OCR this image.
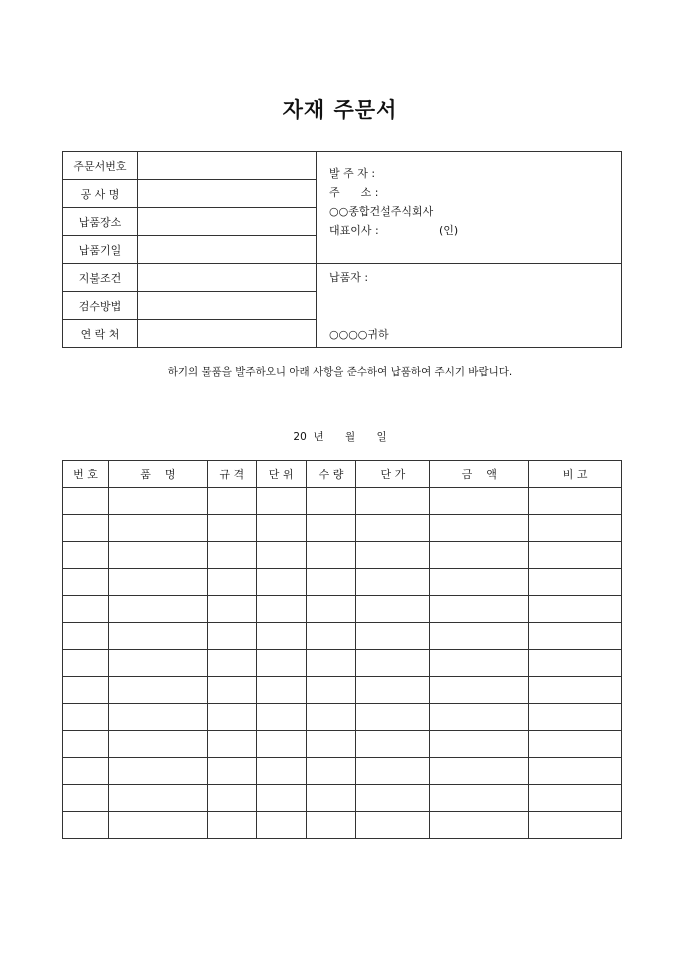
자재 주문서
주문서번호		발 주 자 :
주      소 :
○○종합건설주식회사
대표이사 : (인)

공 사 명		
납품장소		
납품기일		
지불조건		납품자 :
○○○○귀하

검수방법		
연 락 처		
하기의 물품을 발주하오니 아래 사항을 준수하여 납품하여 주시기 바랍니다.
20  년 월 일
번 호	품    명	규 격	단 위	수 량	단 가	금    액	비 고
